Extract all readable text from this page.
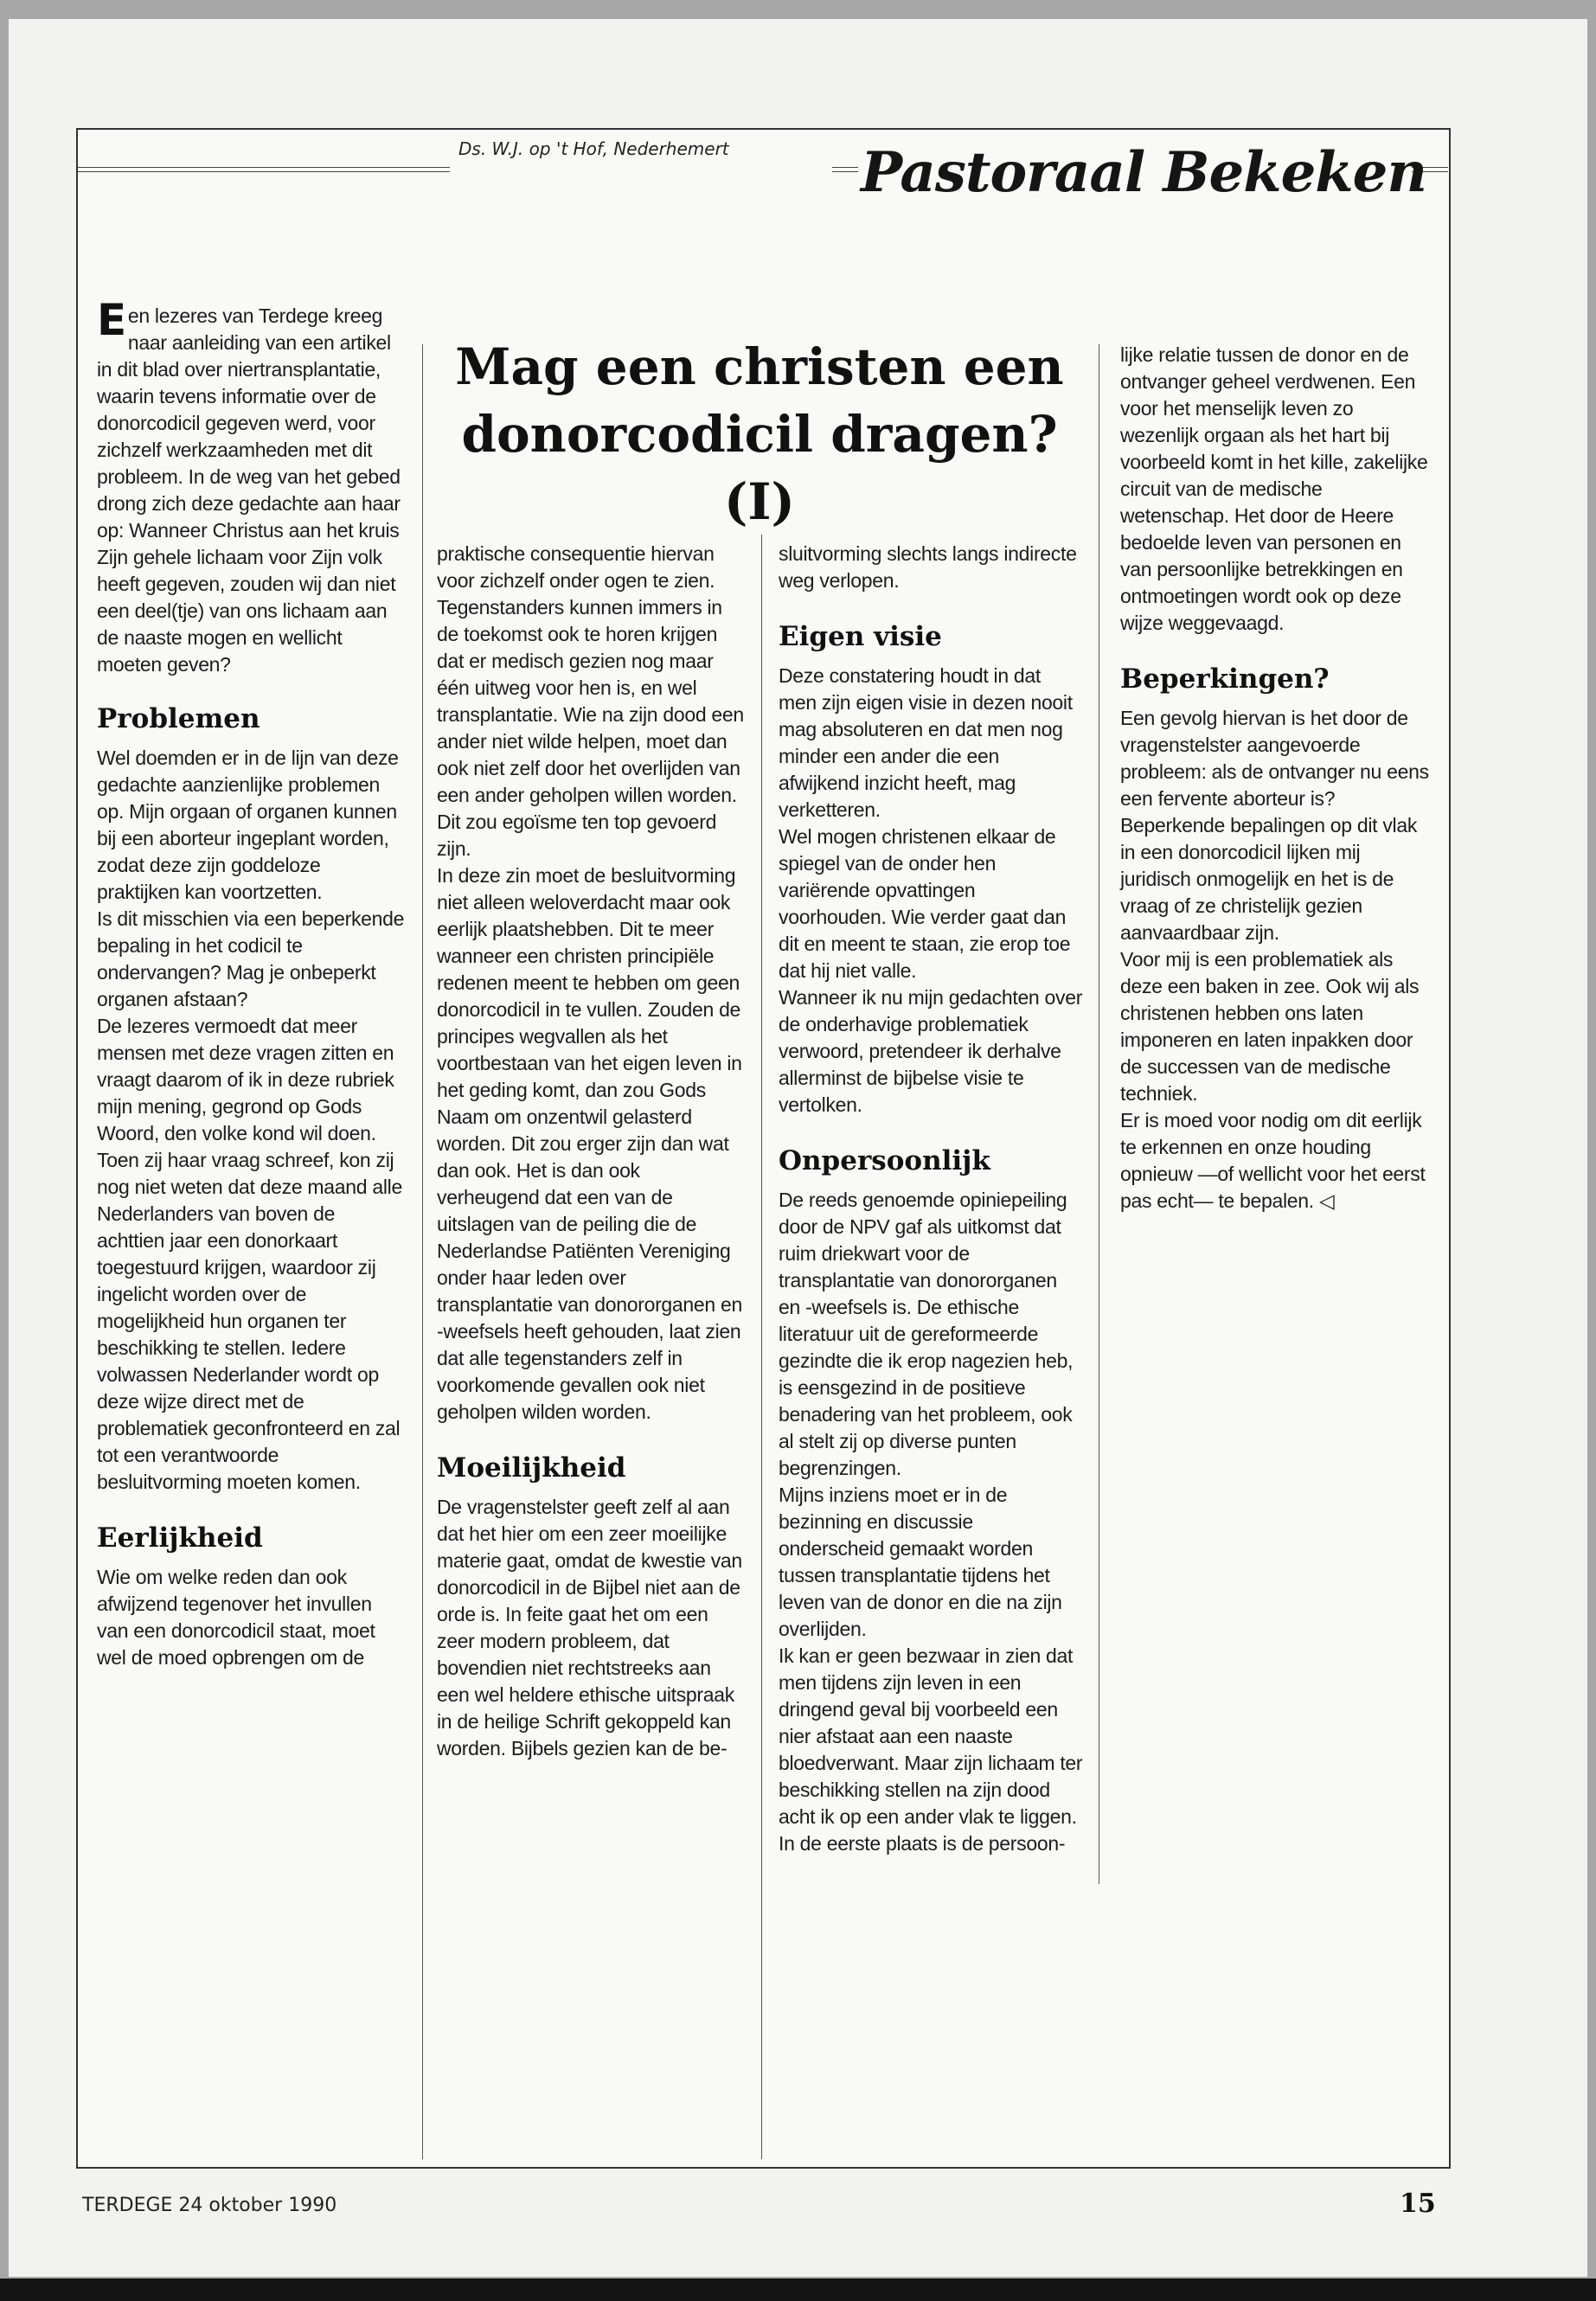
Ds. W.J. op 't Hof, Nederhemert Pastoraal Bekeken
Mag een christen een donorcodicil dragen? (I)

Een lezeres van Terdege kreeg naar aanleiding van een artikel in dit blad over niertransplantatie, waarin tevens informatie over de donorcodicil gegeven werd, voor zichzelf werkzaamheden met dit probleem. In de weg van het gebed drong zich deze gedachte aan haar op: Wanneer Christus aan het kruis Zijn gehele lichaam voor Zijn volk heeft gegeven, zouden wij dan niet een deel(tje) van ons lichaam aan de naaste mogen en wellicht moeten geven?

Problemen

Wel doemden er in de lijn van deze gedachte aanzienlijke problemen op. Mijn orgaan of organen kunnen bij een aborteur ingeplant worden, zodat deze zijn goddeloze praktijken kan voortzetten.

Is dit misschien via een beperkende bepaling in het codicil te ondervangen? Mag je onbeperkt organen afstaan?

De lezeres vermoedt dat meer mensen met deze vragen zitten en vraagt daarom of ik in deze rubriek mijn mening, gegrond op Gods Woord, den volke kond wil doen.

Toen zij haar vraag schreef, kon zij nog niet weten dat deze maand alle Nederlanders van boven de achttien jaar een donorkaart toegestuurd krijgen, waardoor zij ingelicht worden over de mogelijkheid hun organen ter beschikking te stellen. Iedere volwassen Nederlander wordt op deze wijze direct met de problematiek geconfronteerd en zal tot een verantwoorde besluitvorming moeten komen.

Eerlijkheid

Wie om welke reden dan ook afwijzend tegenover het invullen van een donorcodicil staat, moet wel de moed opbrengen om de

praktische consequentie hiervan voor zichzelf onder ogen te zien. Tegenstanders kunnen immers in de toekomst ook te horen krijgen dat er medisch gezien nog maar één uitweg voor hen is, en wel transplantatie. Wie na zijn dood een ander niet wilde helpen, moet dan ook niet zelf door het overlijden van een ander geholpen willen worden. Dit zou egoïsme ten top gevoerd zijn.

In deze zin moet de besluitvorming niet alleen weloverdacht maar ook eerlijk plaatshebben. Dit te meer wanneer een christen principiële redenen meent te hebben om geen donorcodicil in te vullen. Zouden de principes wegvallen als het voortbestaan van het eigen leven in het geding komt, dan zou Gods Naam om onzentwil gelasterd worden. Dit zou erger zijn dan wat dan ook. Het is dan ook verheugend dat een van de uitslagen van de peiling die de Nederlandse Patiënten Vereniging onder haar leden over transplantatie van donororganen en -weefsels heeft gehouden, laat zien dat alle tegenstanders zelf in voorkomende gevallen ook niet geholpen wilden worden.

Moeilijkheid

De vragenstelster geeft zelf al aan dat het hier om een zeer moeilijke materie gaat, omdat de kwestie van donorcodicil in de Bijbel niet aan de orde is. In feite gaat het om een zeer modern probleem, dat bovendien niet rechtstreeks aan een wel heldere ethische uitspraak in de heilige Schrift gekoppeld kan worden. Bijbels gezien kan de be-

sluitvorming slechts langs indirecte weg verlopen.

Eigen visie

Deze constatering houdt in dat men zijn eigen visie in dezen nooit mag absoluteren en dat men nog minder een ander die een afwijkend inzicht heeft, mag verketteren.

Wel mogen christenen elkaar de spiegel van de onder hen variërende opvattingen voorhouden. Wie verder gaat dan dit en meent te staan, zie erop toe dat hij niet valle.

Wanneer ik nu mijn gedachten over de onderhavige problematiek verwoord, pretendeer ik derhalve allerminst de bijbelse visie te vertolken.

Onpersoonlijk

De reeds genoemde opiniepeiling door de NPV gaf als uitkomst dat ruim driekwart voor de transplantatie van donororganen en -weefsels is. De ethische literatuur uit de gereformeerde gezindte die ik erop nagezien heb, is eensgezind in de positieve benadering van het probleem, ook al stelt zij op diverse punten begrenzingen.

Mijns inziens moet er in de bezinning en discussie onderscheid gemaakt worden tussen transplantatie tijdens het leven van de donor en die na zijn overlijden.

Ik kan er geen bezwaar in zien dat men tijdens zijn leven in een dringend geval bij voorbeeld een nier afstaat aan een naaste bloedverwant. Maar zijn lichaam ter beschikking stellen na zijn dood acht ik op een ander vlak te liggen. In de eerste plaats is de persoon-

lijke relatie tussen de donor en de ontvanger geheel verdwenen. Een voor het menselijk leven zo wezenlijk orgaan als het hart bij voorbeeld komt in het kille, zakelijke circuit van de medische wetenschap. Het door de Heere bedoelde leven van personen en van persoonlijke betrekkingen en ontmoetingen wordt ook op deze wijze weggevaagd.

Beperkingen?

Een gevolg hiervan is het door de vragenstelster aangevoerde probleem: als de ontvanger nu eens een fervente aborteur is? Beperkende bepalingen op dit vlak in een donorcodicil lijken mij juridisch onmogelijk en het is de vraag of ze christelijk gezien aanvaardbaar zijn.

Voor mij is een problematiek als deze een baken in zee. Ook wij als christenen hebben ons laten imponeren en laten inpakken door de successen van de medische techniek.

Er is moed voor nodig om dit eerlijk te erkennen en onze houding opnieuw —of wellicht voor het eerst pas echt— te bepalen. ◁

TERDEGE 24 oktober 1990	15
